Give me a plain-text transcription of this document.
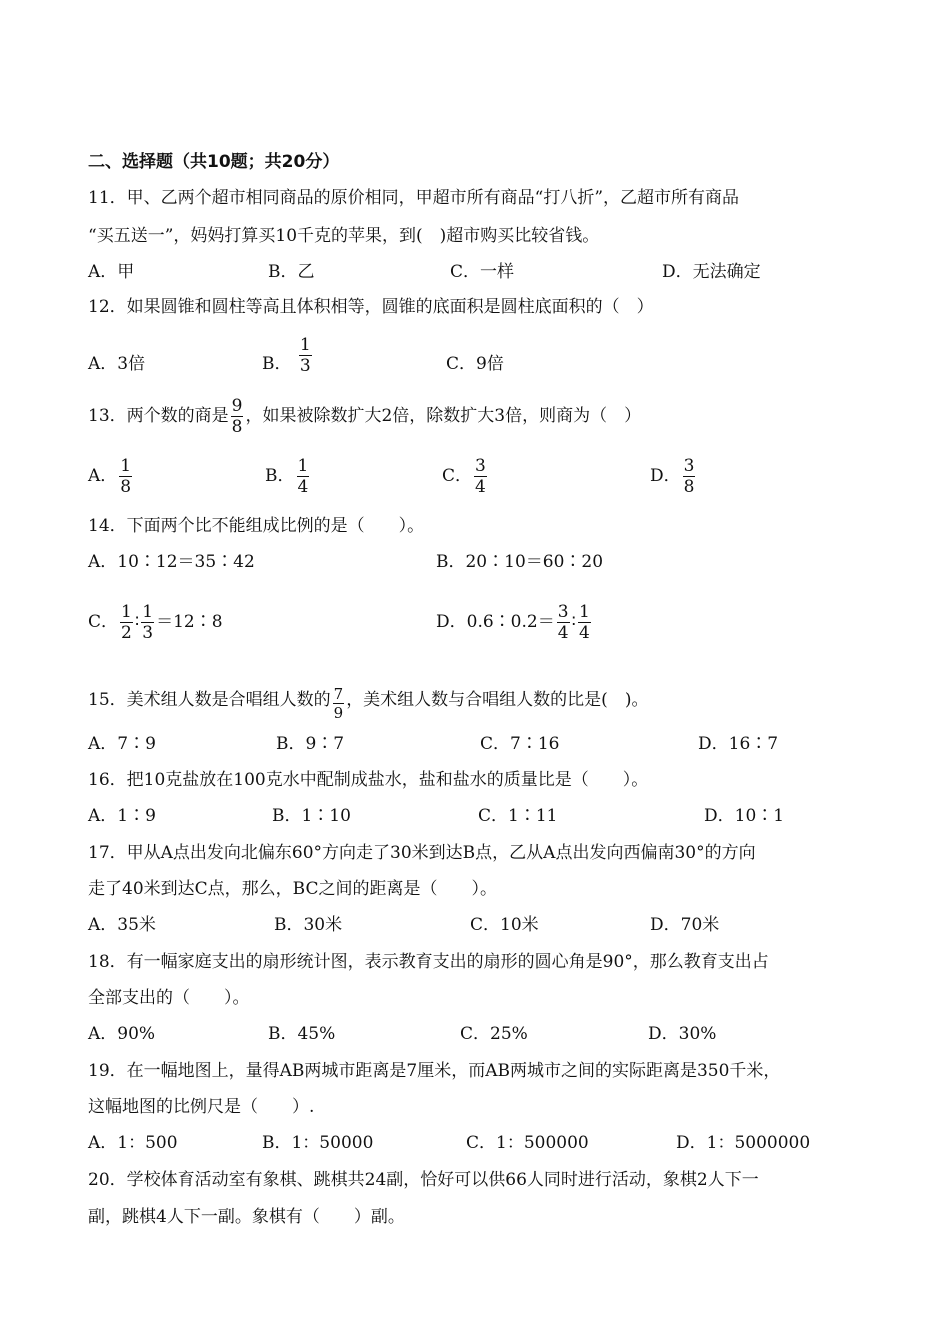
二、选择题（共10题；共20分）
11．甲、乙两个超市相同商品的原价相同，甲超市所有商品“打八折”，乙超市所有商品
“买五送一”，妈妈打算买10千克的苹果，到(　)超市购买比较省钱。
A．甲	B．乙	C．一样	D．无法确定
12．如果圆锥和圆柱等高且体积相等，圆锥的底面积是圆柱底面积的（　）
A．3倍	B． $\frac{1}{3}$	C．9倍
13．两个数的商是 $\frac{9}{8}$ ，如果被除数扩大2倍，除数扩大3倍，则商为（　）
A． $\frac{1}{8}$	B． $\frac{1}{4}$	C． $\frac{3}{4}$	D． $\frac{3}{8}$
14．下面两个比不能组成比例的是（　　）。
A．10∶12＝35∶42	B．20∶10＝60∶20
C． $\frac{1}{2}$ ∶ $\frac{1}{3}$ ＝12∶8	D．0.6∶0.2＝ $\frac{3}{4}$ ∶ $\frac{1}{4}$
15．美术组人数是合唱组人数的 $\frac{7}{9}$ ，美术组人数与合唱组人数的比是(　)。
A．7∶9	B．9∶7	C．7∶16	D．16∶7
16．把10克盐放在100克水中配制成盐水，盐和盐水的质量比是（　　）。
A．1∶9	B．1∶10	C．1∶11	D．10∶1
17．甲从A点出发向北偏东60°方向走了30米到达B点，乙从A点出发向西偏南30°的方向
走了40米到达C点，那么，BC之间的距离是（　　）。
A．35米	B．30米	C．10米	D．70米
18．有一幅家庭支出的扇形统计图，表示教育支出的扇形的圆心角是90°，那么教育支出占
全部支出的（　　）。
A．90%	B．45%	C．25%	D．30%
19．在一幅地图上，量得AB两城市距离是7厘米，而AB两城市之间的实际距离是350千米，
这幅地图的比例尺是（　　）.
A．1：500	B．1：50000	C．1：500000	D．1：5000000
20．学校体育活动室有象棋、跳棋共24副，恰好可以供66人同时进行活动，象棋2人下一
副，跳棋4人下一副。象棋有（　　）副。
